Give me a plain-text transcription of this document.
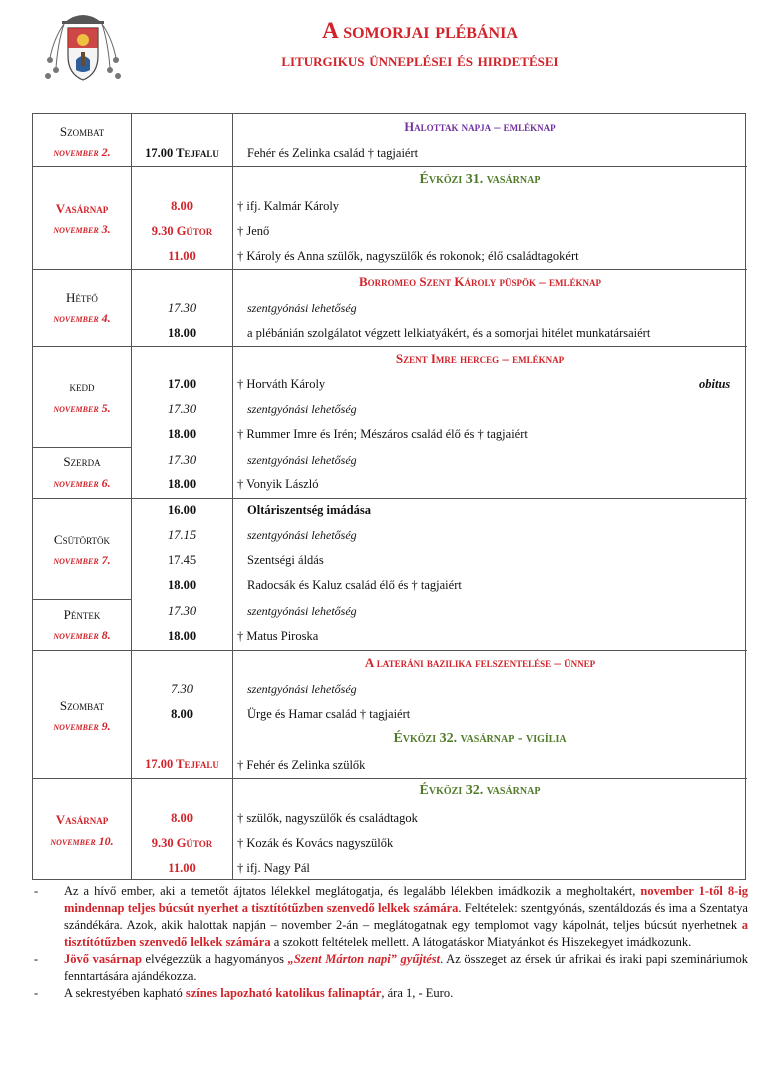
A somorjai plébánia
liturgikus ünneplései és hirdetései
Szombat
november 2.
Halottak napja – emléknap
17.00 Tejfalu	Fehér és Zelinka család † tagjaiért
Vasárnap
november 3.
Évközi 31. vasárnap
8.00	† ifj. Kalmár Károly
9.30 Gútor	† Jenő
11.00	† Károly és Anna szülők, nagyszülők és rokonok; élő családtagokért
Hétfő
november 4.
Borromeo Szent Károly püspök – emléknap
17.30	szentgyónási lehetőség
18.00	a plébánián szolgálatot végzett lelkiatyákért, és a somorjai hitélet munkatársaiért
kedd
november 5.
Szent Imre herceg – emléknap
17.00	† Horváth Károly	obitus
17.30	szentgyónási lehetőség
18.00	† Rummer Imre és Irén; Mészáros család élő és † tagjaiért
Szerda
november 6.
17.30	szentgyónási lehetőség
18.00	† Vonyik László
Csütörtök
november 7.
16.00	Oltáriszentség imádása
17.15	szentgyónási lehetőség
17.45	Szentségi áldás
18.00	Radocsák és Kaluz család élő és † tagjaiért
Péntek
november 8.
17.30	szentgyónási lehetőség
18.00	† Matus Piroska
Szombat
november 9.
A lateráni bazilika felszentelése – ünnep
7.30	szentgyónási lehetőség
8.00	Ürge és Hamar család † tagjaiért
Évközi 32. vasárnap - vigília
17.00 Tejfalu	† Fehér és Zelinka szülők
Vasárnap
november 10.
Évközi 32. vasárnap
8.00	† szülők, nagyszülők és családtagok
9.30 Gútor	† Kozák és Kovács nagyszülők
11.00	† ifj. Nagy Pál
- Az a hívő ember, aki a temetőt ájtatos lélekkel meglátogatja, és legalább lélekben imádkozik a megholtakért, november 1-től 8-ig mindennap teljes búcsút nyerhet a tisztítótűzben szenvedő lelkek számára. Feltételek: szentgyónás, szentáldozás és ima a Szentatya szándékára. Azok, akik halottak napján – november 2-án – meglátogatnak egy templomot vagy kápolnát, teljes búcsút nyerhetnek a tisztítótűzben szenvedő lelkek számára a szokott feltételek mellett. A látogatáskor Miatyánkot és Hiszekegyet imádkozunk.
- Jövő vasárnap elvégezzük a hagyományos „Szent Márton napi” gyűjtést. Az összeget az érsek úr afrikai és iraki papi szemináriumok fenntartására ajándékozza.
- A sekrestyében kapható színes lapozható katolikus falinaptár, ára 1, - Euro.
